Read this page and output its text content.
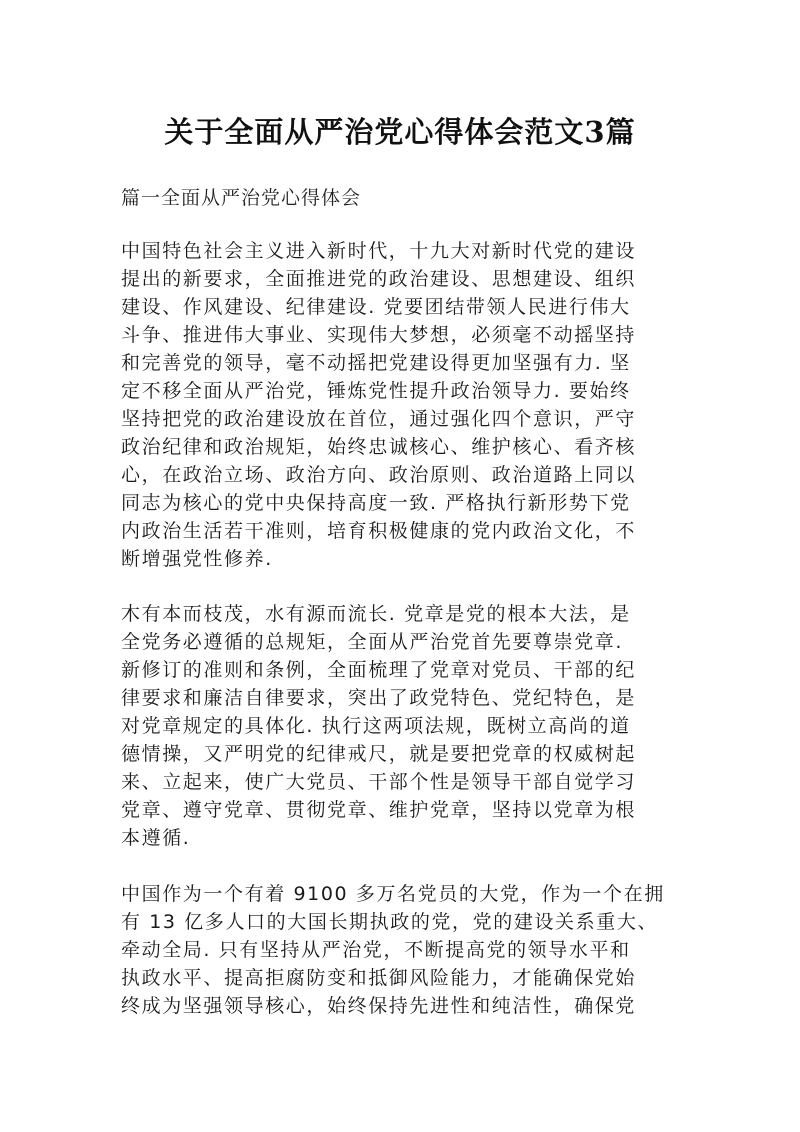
关于全面从严治党心得体会范文3篇
篇一全面从严治党心得体会
中国特色社会主义进入新时代，十九大对新时代党的建设
提出的新要求，全面推进党的政治建设、思想建设、组织
建设、作风建设、纪律建设. 党要团结带领人民进行伟大
斗争、推进伟大事业、实现伟大梦想，必须毫不动摇坚持
和完善党的领导，毫不动摇把党建设得更加坚强有力. 坚
定不移全面从严治党，锤炼党性提升政治领导力. 要始终
坚持把党的政治建设放在首位，通过强化四个意识，严守
政治纪律和政治规矩，始终忠诚核心、维护核心、看齐核
心，在政治立场、政治方向、政治原则、政治道路上同以
同志为核心的党中央保持高度一致. 严格执行新形势下党
内政治生活若干准则，培育积极健康的党内政治文化，不
断增强党性修养.
木有本而枝茂，水有源而流长. 党章是党的根本大法，是
全党务必遵循的总规矩，全面从严治党首先要尊崇党章.
新修订的准则和条例，全面梳理了党章对党员、干部的纪
律要求和廉洁自律要求，突出了政党特色、党纪特色，是
对党章规定的具体化. 执行这两项法规，既树立高尚的道
德情操，又严明党的纪律戒尺，就是要把党章的权威树起
来、立起来，使广大党员、干部个性是领导干部自觉学习
党章、遵守党章、贯彻党章、维护党章，坚持以党章为根
本遵循.
中国作为一个有着 9100 多万名党员的大党，作为一个在拥
有 13 亿多人口的大国长期执政的党，党的建设关系重大、
牵动全局. 只有坚持从严治党，不断提高党的领导水平和
执政水平、提高拒腐防变和抵御风险能力，才能确保党始
终成为坚强领导核心，始终保持先进性和纯洁性，确保党
